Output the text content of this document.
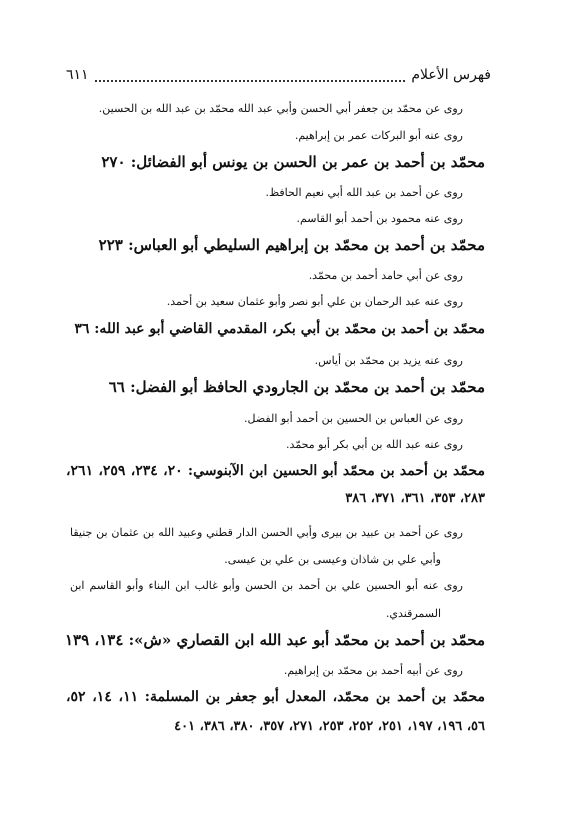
فهرس الأعلام
٦١١
روى عن محمّد بن جعفر أبي الحسن وأبي عبد الله محمّد بن عبد الله بن الحسين.
روى عنه أبو البركات عمر بن إبراهيم.
محمّد بن أحمد بن عمر بن الحسن بن يونس أبو الفضائل: ٢٧٠
روى عن أحمد بن عبد الله أبي نعيم الحافظ.
روى عنه محمود بن أحمد أبو القاسم.
محمّد بن أحمد بن محمّد بن إبراهيم السليطي أبو العباس: ٢٢٣
روى عن أبي حامد أحمد بن محمّد.
روى عنه عبد الرحمان بن علي أبو نصر وأبو عثمان سعيد بن أحمد.
محمّد بن أحمد بن محمّد بن أبي بكر، المقدمي القاضي أبو عبد الله: ٣٦
روى عنه يزيد بن محمّد بن أياس.
محمّد بن أحمد بن محمّد بن الجارودي الحافظ أبو الفضل: ٦٦
روى عن العباس بن الحسين بن أحمد أبو الفضل.
روى عنه عبد الله بن أبي بكر أبو محمّد.
محمّد بن أحمد بن محمّد أبو الحسين ابن الآبنوسي: ٢٠، ٢٣٤، ٢٥٩، ٢٦١،
٢٨٣، ٣٥٣، ٣٦١، ٣٧١، ٣٨٦
روى عن أحمد بن عبيد بن بيرى وأبي الحسن الدار قطني وعبيد الله بن عثمان بن جنيقا
وأبي علي بن شاذان وعيسى بن علي بن عيسى.
روى عنه أبو الحسين علي بن أحمد بن الحسن وأبو غالب ابن البناء وأبو القاسم ابن
السمرقندي.
محمّد بن أحمد بن محمّد أبو عبد الله ابن القصاري «ش»: ١٣٤، ١٣٩
روى عن أبيه أحمد بن محمّد بن إبراهيم.
محمّد بن أحمد بن محمّد، المعدل أبو جعفر بن المسلمة: ١١، ١٤، ٥٢،
٥٦، ١٩٦، ١٩٧، ٢٥١، ٢٥٢، ٢٥٣، ٢٧١، ٣٥٧، ٣٨٠، ٣٨٦، ٤٠١
